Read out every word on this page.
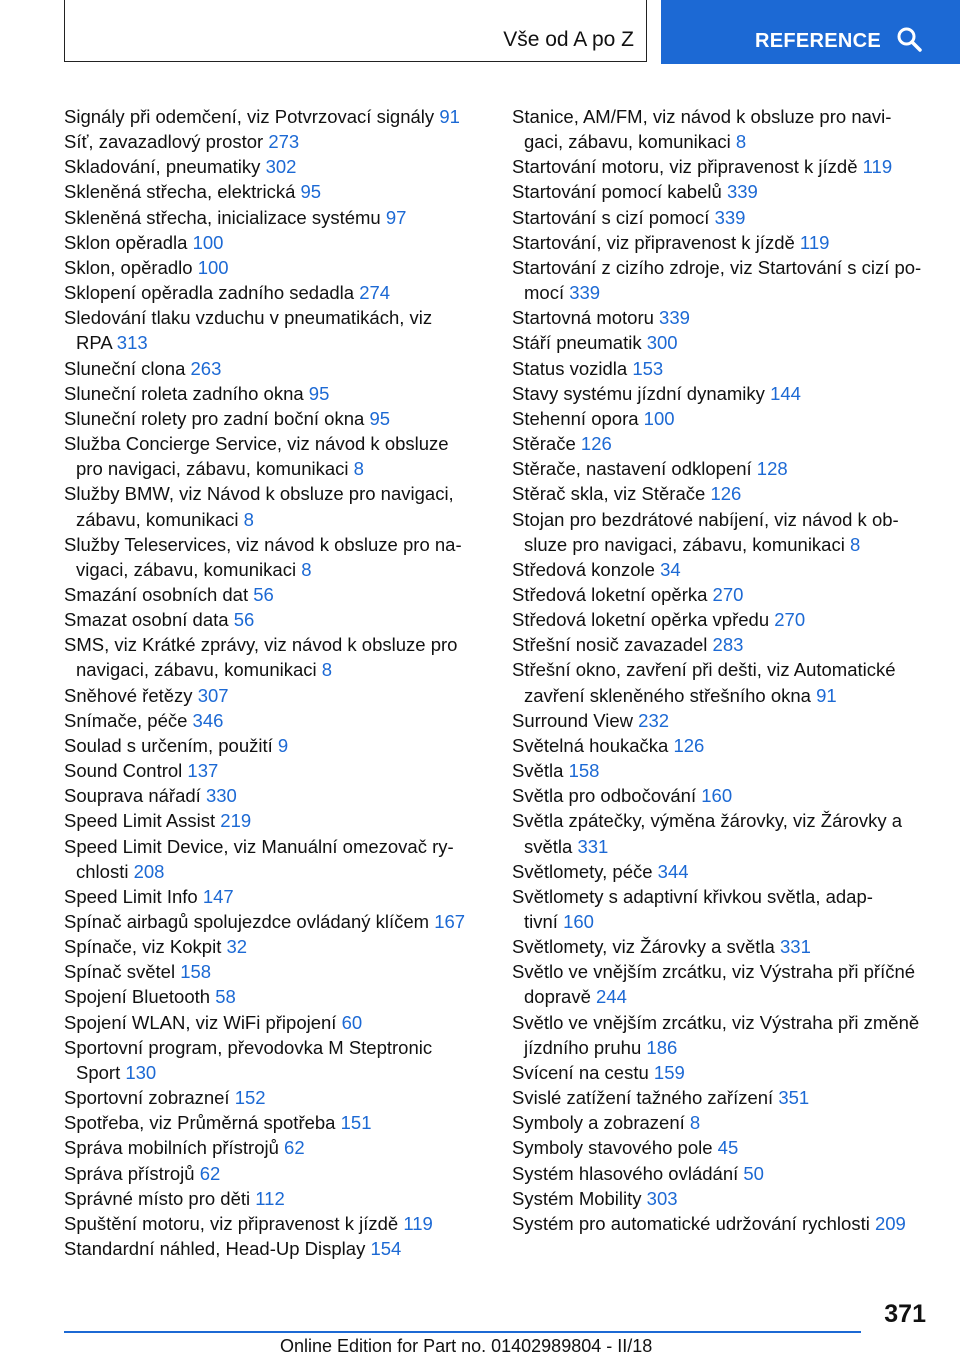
Vše od A po Z	REFERENCE
Signály při odemčení, viz Potvrzovací signály 91
Síť, zavazadlový prostor 273
Skladování, pneumatiky 302
Skleněná střecha, elektrická 95
Skleněná střecha, inicializace systému 97
Sklon opěradla 100
Sklon, opěradlo 100
Sklopení opěradla zadního sedadla 274
Sledování tlaku vzduchu v pneumatikách, viz
RPA 313
Sluneční clona 263
Sluneční roleta zadního okna 95
Sluneční rolety pro zadní boční okna 95
Služba Concierge Service, viz návod k obsluze
pro navigaci, zábavu, komunikaci 8
Služby BMW, viz Návod k obsluze pro navigaci,
zábavu, komunikaci 8
Služby Teleservices, viz návod k obsluze pro na-
vigaci, zábavu, komunikaci 8
Smazání osobních dat 56
Smazat osobní data 56
SMS, viz Krátké zprávy, viz návod k obsluze pro
navigaci, zábavu, komunikaci 8
Sněhové řetězy 307
Snímače, péče 346
Soulad s určením, použití 9
Sound Control 137
Souprava nářadí 330
Speed Limit Assist 219
Speed Limit Device, viz Manuální omezovač ry-
chlosti 208
Speed Limit Info 147
Spínač airbagů spolujezdce ovládaný klíčem 167
Spínače, viz Kokpit 32
Spínač světel 158
Spojení Bluetooth 58
Spojení WLAN, viz WiFi připojení 60
Sportovní program, převodovka M Steptronic
Sport 130
Sportovní zobrazneí 152
Spotřeba, viz Průměrná spotřeba 151
Správa mobilních přístrojů 62
Správa přístrojů 62
Správné místo pro děti 112
Spuštění motoru, viz připravenost k jízdě 119
Standardní náhled, Head-Up Display 154
Stanice, AM/FM, viz návod k obsluze pro navi-
gaci, zábavu, komunikaci 8
Startování motoru, viz připravenost k jízdě 119
Startování pomocí kabelů 339
Startování s cizí pomocí 339
Startování, viz připravenost k jízdě 119
Startování z cizího zdroje, viz Startování s cizí po-
mocí 339
Startovná motoru 339
Stáří pneumatik 300
Status vozidla 153
Stavy systému jízdní dynamiky 144
Stehenní opora 100
Stěrače 126
Stěrače, nastavení odklopení 128
Stěrač skla, viz Stěrače 126
Stojan pro bezdrátové nabíjení, viz návod k ob-
sluze pro navigaci, zábavu, komunikaci 8
Středová konzole 34
Středová loketní opěrka 270
Středová loketní opěrka vpředu 270
Střešní nosič zavazadel 283
Střešní okno, zavření při dešti, viz Automatické
zavření skleněného střešního okna 91
Surround View 232
Světelná houkačka 126
Světla 158
Světla pro odbočování 160
Světla zpátečky, výměna žárovky, viz Žárovky a
světla 331
Světlomety, péče 344
Světlomety s adaptivní křivkou světla, adap-
tivní 160
Světlomety, viz Žárovky a světla 331
Světlo ve vnějším zrcátku, viz Výstraha při příčné
dopravě 244
Světlo ve vnějším zrcátku, viz Výstraha při změně
jízdního pruhu 186
Svícení na cestu 159
Svislé zatížení tažného zařízení 351
Symboly a zobrazení 8
Symboly stavového pole 45
Systém hlasového ovládání 50
Systém Mobility 303
Systém pro automatické udržování rychlosti 209
371
Online Edition for Part no. 01402989804 - II/18
